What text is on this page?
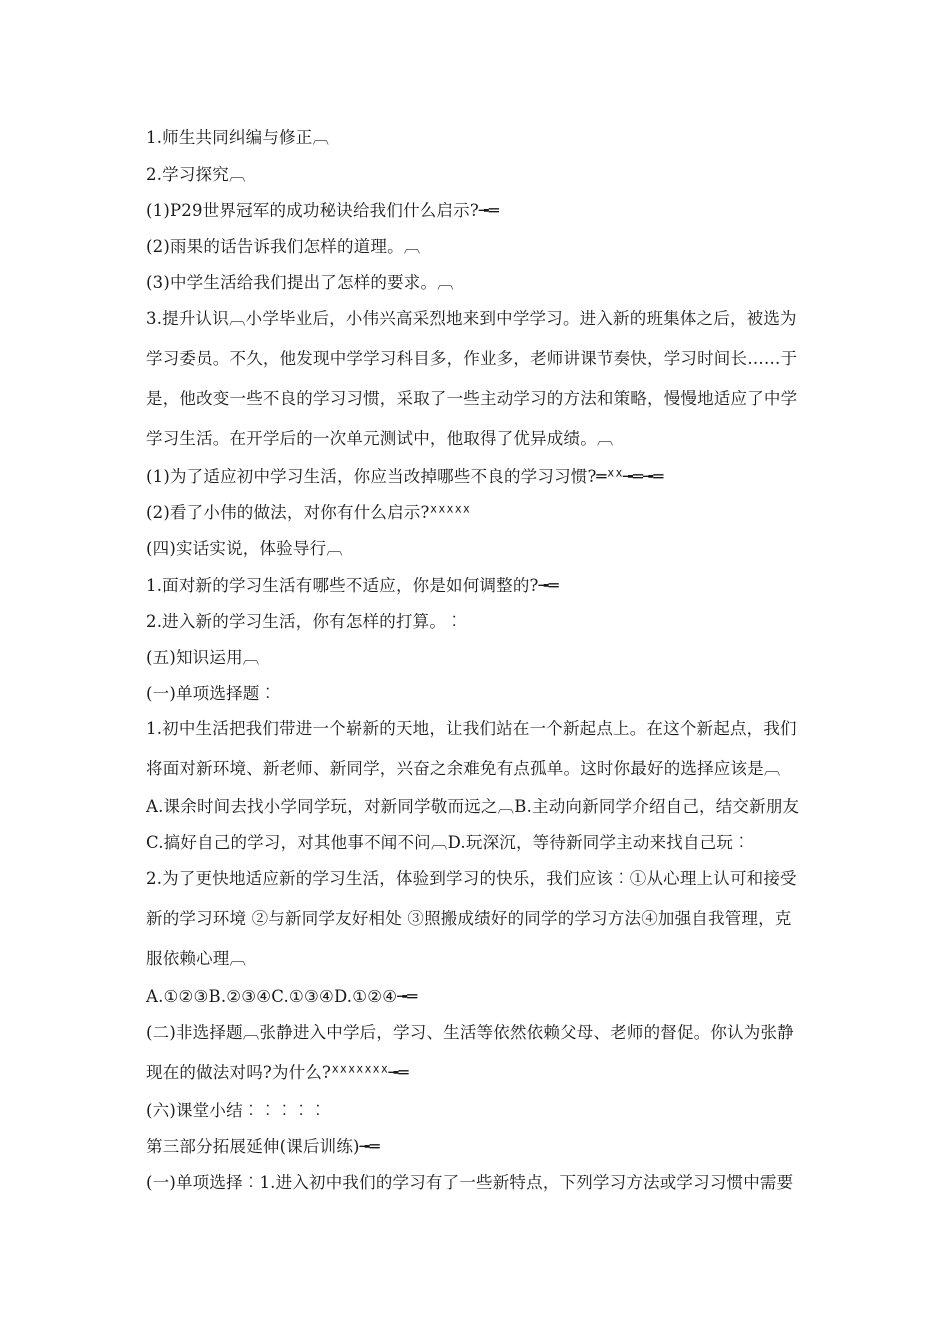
1.师生共同纠编与修正︹
2.学习探究︹
(1)P29世界冠军的成功秘诀给我们什么启示?╼═
(2)雨果的话告诉我们怎样的道理。︹
(3)中学生活给我们提出了怎样的要求。︹
3.提升认识︹小学毕业后，小伟兴高采烈地来到中学学习。进入新的班集体之后，被选为
学习委员。不久，他发现中学学习科目多，作业多，老师讲课节奏快，学习时间长……于
是，他改变一些不良的学习习惯，采取了一些主动学习的方法和策略，慢慢地适应了中学
学习生活。在开学后的一次单元测试中，他取得了优异成绩。︹
(1)为了适应初中学习生活，你应当改掉哪些不良的学习习惯?═ᕁᕁ╼═╼═
(2)看了小伟的做法，对你有什么启示?ᕁᕁᕁᕁᕁ
(四)实话实说，体验导行︹
1.面对新的学习生活有哪些不适应，你是如何调整的?╼═
2.进入新的学习生活，你有怎样的打算。︰
(五)知识运用︹
(一)单项选择题︰
1.初中生活把我们带进一个崭新的天地，让我们站在一个新起点上。在这个新起点，我们
将面对新环境、新老师、新同学，兴奋之余难免有点孤单。这时你最好的选择应该是︹
A.课余时间去找小学同学玩，对新同学敬而远之︹B.主动向新同学介绍自己，结交新朋友
C.搞好自己的学习，对其他事不闻不问︹D.玩深沉，等待新同学主动来找自己玩︰
2.为了更快地适应新的学习生活，体验到学习的快乐，我们应该︰①从心理上认可和接受
新的学习环境 ②与新同学友好相处 ③照搬成绩好的同学的学习方法④加强自我管理，克
服依赖心理︹
A.①②③B.②③④C.①③④D.①②④╼═
(二)非选择题︹张静进入中学后，学习、生活等依然依赖父母、老师的督促。你认为张静
现在的做法对吗?为什么?ᕁᕁᕁᕁᕁᕁᕁ╼═
(六)课堂小结︰︰︰︰︰
第三部分拓展延伸(课后训练)╼═
(一)单项选择︰1.进入初中我们的学习有了一些新特点，下列学习方法或学习习惯中需要
